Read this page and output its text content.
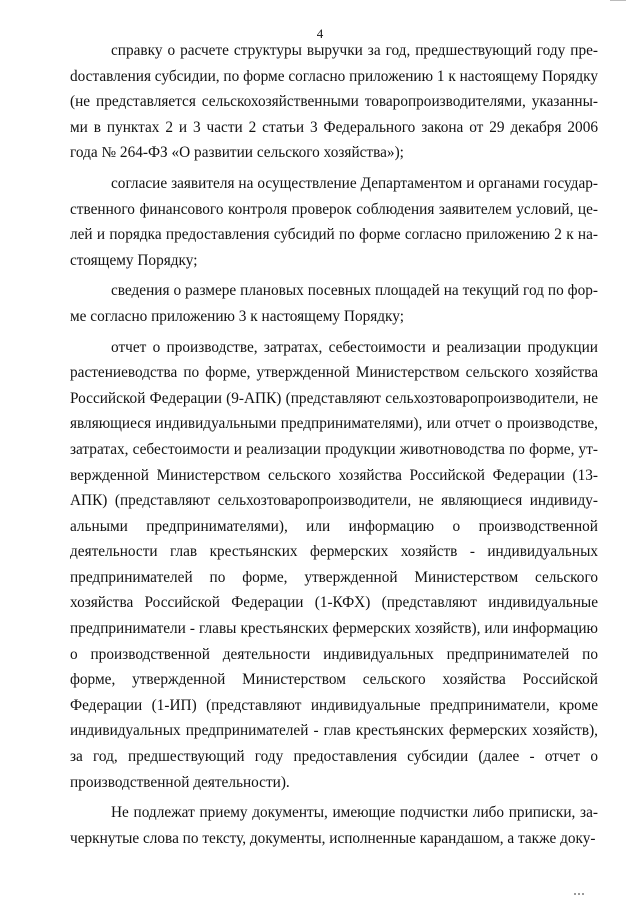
4

справку о расчете структуры выручки за год, предшествующий году преdоставления субсидии, по форме согласно приложению 1 к настоящему Порядку (не представляется сельскохозяйственными товаропроизводителями, указанными в пунктах 2 и 3 части 2 статьи 3 Федерального закона от 29 декабря 2006 года № 264-ФЗ «О развитии сельского хозяйства»);

согласие заявителя на осуществление Департаментом и органами государственного финансового контроля проверок соблюдения заявителем условий, целей и порядка предоставления субсидий по форме согласно приложению 2 к настоящему Порядку;

сведения о размере плановых посевных площадей на текущий год по форме согласно приложению 3 к настоящему Порядку;

отчет о производстве, затратах, себестоимости и реализации продукции растениеводства по форме, утвержденной Министерством сельского хозяйства Российской Федерации (9-АПК) (представляют сельхозтоваропроизводители, не являющиеся индивидуальными предпринимателями), или отчет о производстве, затратах, себестоимости и реализации продукции животноводства по форме, утвержденной Министерством сельского хозяйства Российской Федерации (13-АПК) (представляют сельхозтоваропроизводители, не являющиеся индивидуальными предпринимателями), или информацию о производственной деятельности глав крестьянских фермерских хозяйств - индивидуальных предпринимателей по форме, утвержденной Министерством сельского хозяйства Российской Федерации (1-КФХ) (представляют индивидуальные предприниматели - главы крестьянских фермерских хозяйств), или информацию о производственной деятельности индивидуальных предпринимателей по форме, утвержденной Министерством сельского хозяйства Российской Федерации (1-ИП) (представляют индивидуальные предприниматели, кроме индивидуальных предпринимателей - глав крестьянских фермерских хозяйств), за год, предшествующий году предоставления субсидии (далее - отчет о производственной деятельности).

Не подлежат приему документы, имеющие подчистки либо приписки, зачеркнутые слова по тексту, документы, исполненные карандашом, а также доку-
